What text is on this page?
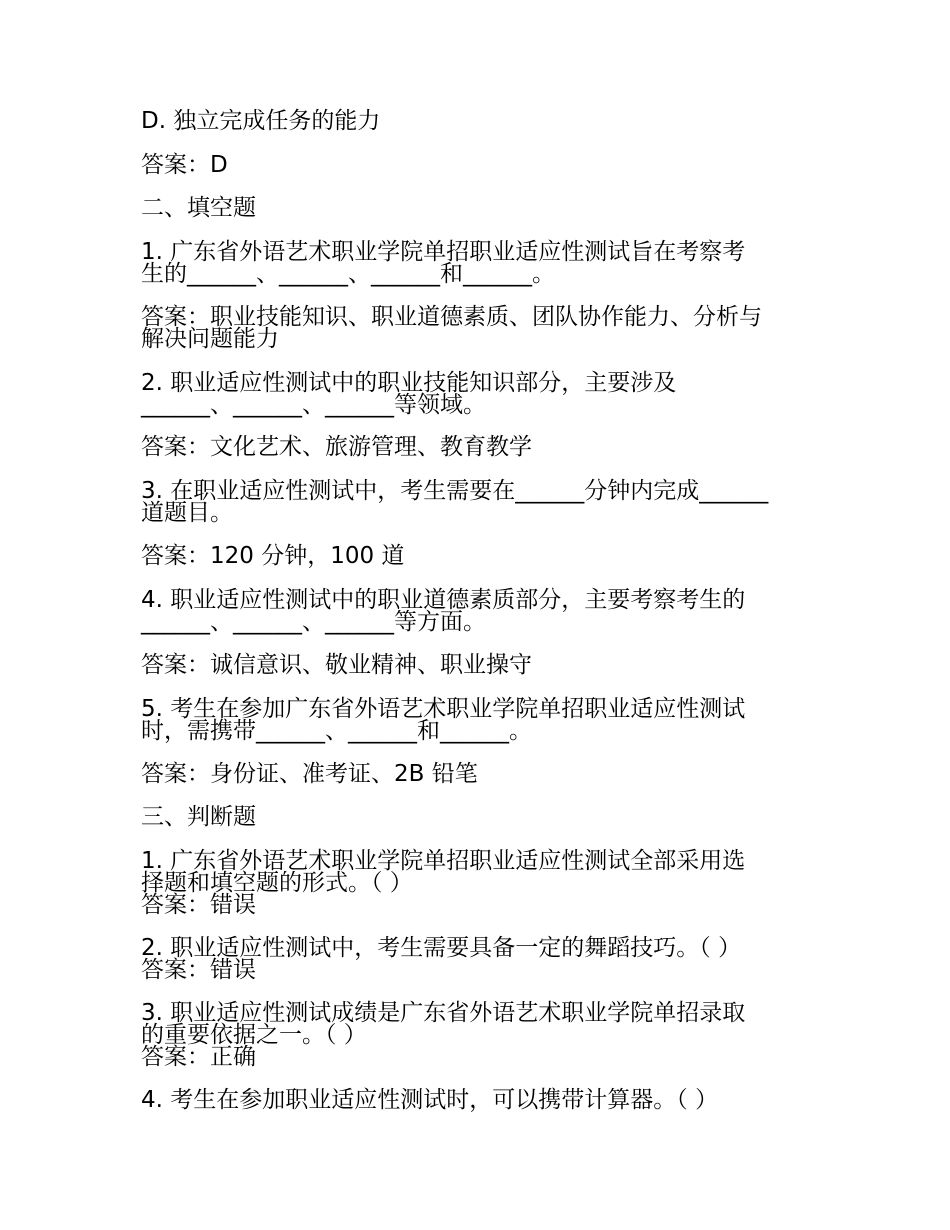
D. 独立完成任务的能力
答案：D
二、填空题
1. 广东省外语艺术职业学院单招职业适应性测试旨在考察考
生的______、______、______和______。
答案：职业技能知识、职业道德素质、团队协作能力、分析与
解决问题能力
2. 职业适应性测试中的职业技能知识部分，主要涉及
______、______、______等领域。
答案：文化艺术、旅游管理、教育教学
3. 在职业适应性测试中，考生需要在______分钟内完成______
道题目。
答案：120 分钟，100 道
4. 职业适应性测试中的职业道德素质部分，主要考察考生的
______、______、______等方面。
答案：诚信意识、敬业精神、职业操守
5. 考生在参加广东省外语艺术职业学院单招职业适应性测试
时，需携带______、______和______。
答案：身份证、准考证、2B 铅笔
三、判断题
1. 广东省外语艺术职业学院单招职业适应性测试全部采用选
择题和填空题的形式。（ ）
答案：错误
2. 职业适应性测试中，考生需要具备一定的舞蹈技巧。（ ）
答案：错误
3. 职业适应性测试成绩是广东省外语艺术职业学院单招录取
的重要依据之一。（ ）
答案：正确
4. 考生在参加职业适应性测试时，可以携带计算器。（ ）
